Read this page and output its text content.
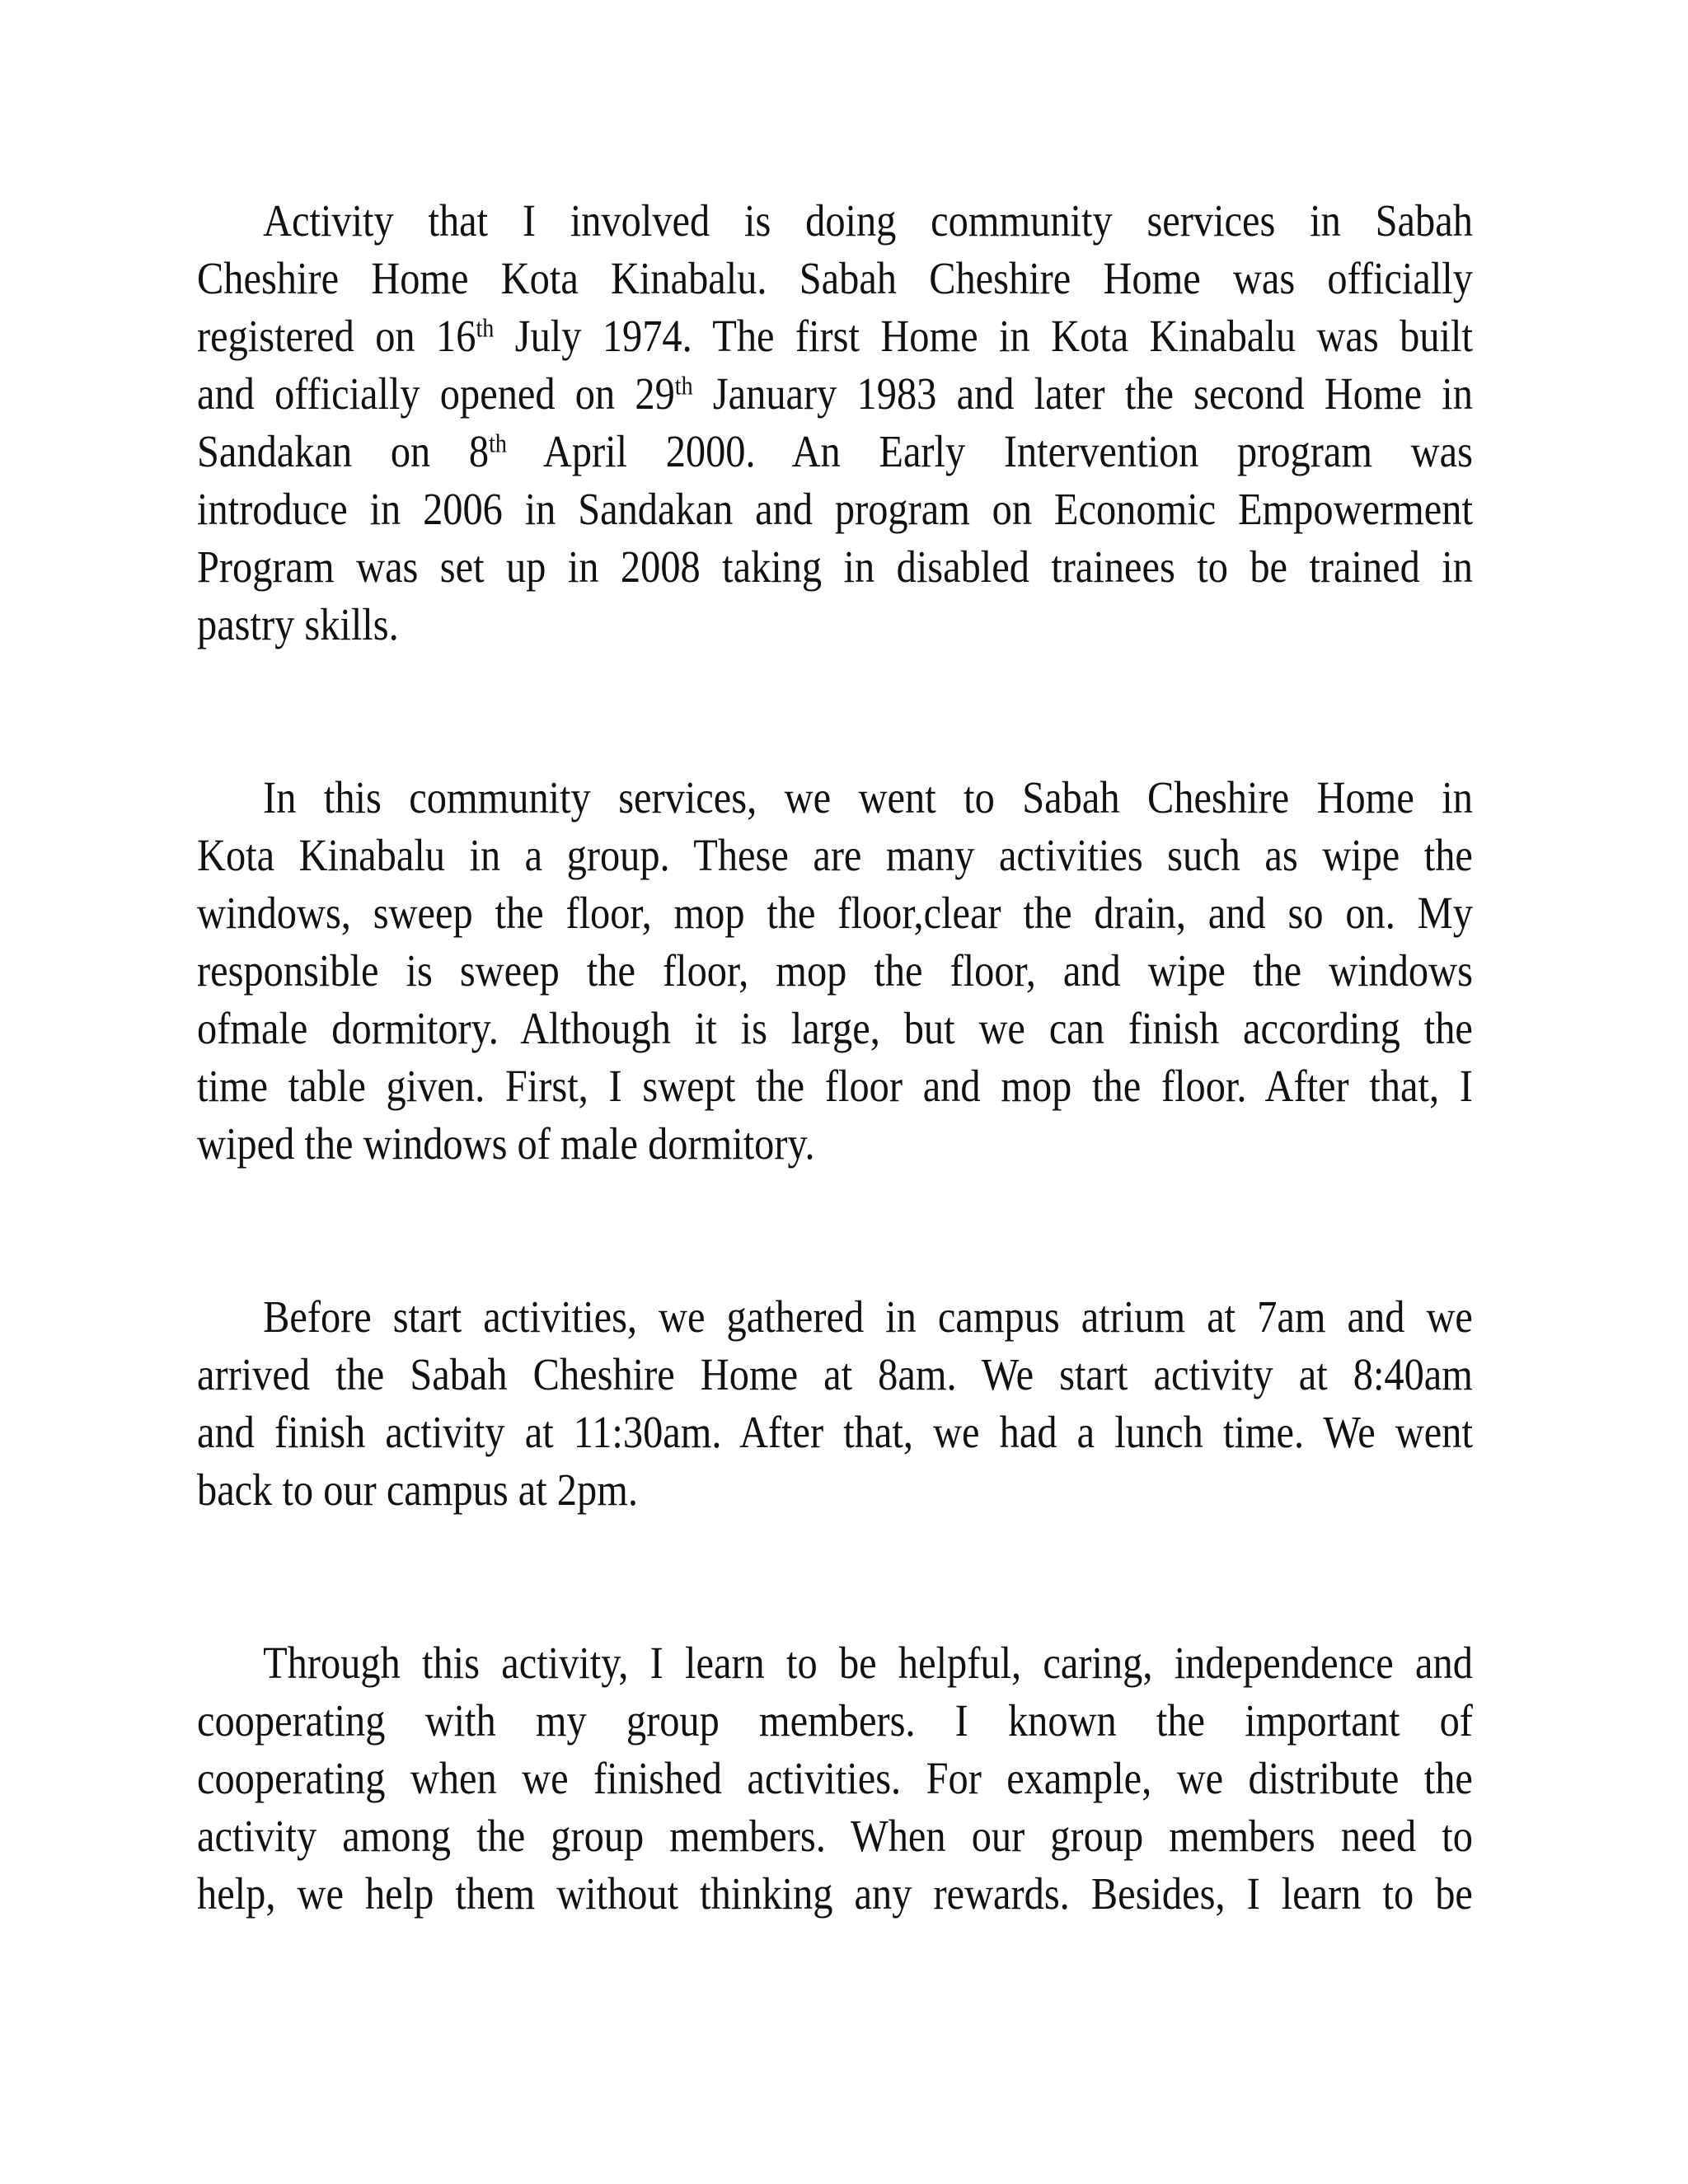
Activity that I involved is doing community services in Sabah
Cheshire Home Kota Kinabalu. Sabah Cheshire Home was officially
registered on 16th July 1974. The first Home in Kota Kinabalu was built
and officially opened on 29th January 1983 and later the second Home in
Sandakan on 8th April 2000. An Early Intervention program was
introduce in 2006 in Sandakan and program on Economic Empowerment
Program was set up in 2008 taking in disabled trainees to be trained in
pastry skills.
In this community services, we went to Sabah Cheshire Home in
Kota Kinabalu in a group. These are many activities such as wipe the
windows, sweep the floor, mop the floor,clear the drain, and so on. My
responsible is sweep the floor, mop the floor, and wipe the windows
ofmale dormitory. Although it is large, but we can finish according the
time table given. First, I swept the floor and mop the floor. After that, I
wiped the windows of male dormitory.
Before start activities, we gathered in campus atrium at 7am and we
arrived the Sabah Cheshire Home at 8am. We start activity at 8:40am
and finish activity at 11:30am. After that, we had a lunch time. We went
back to our campus at 2pm.
Through this activity, I learn to be helpful, caring, independence and
cooperating with my group members. I known the important of
cooperating when we finished activities. For example, we distribute the
activity among the group members. When our group members need to
help, we help them without thinking any rewards. Besides, I learn to be
